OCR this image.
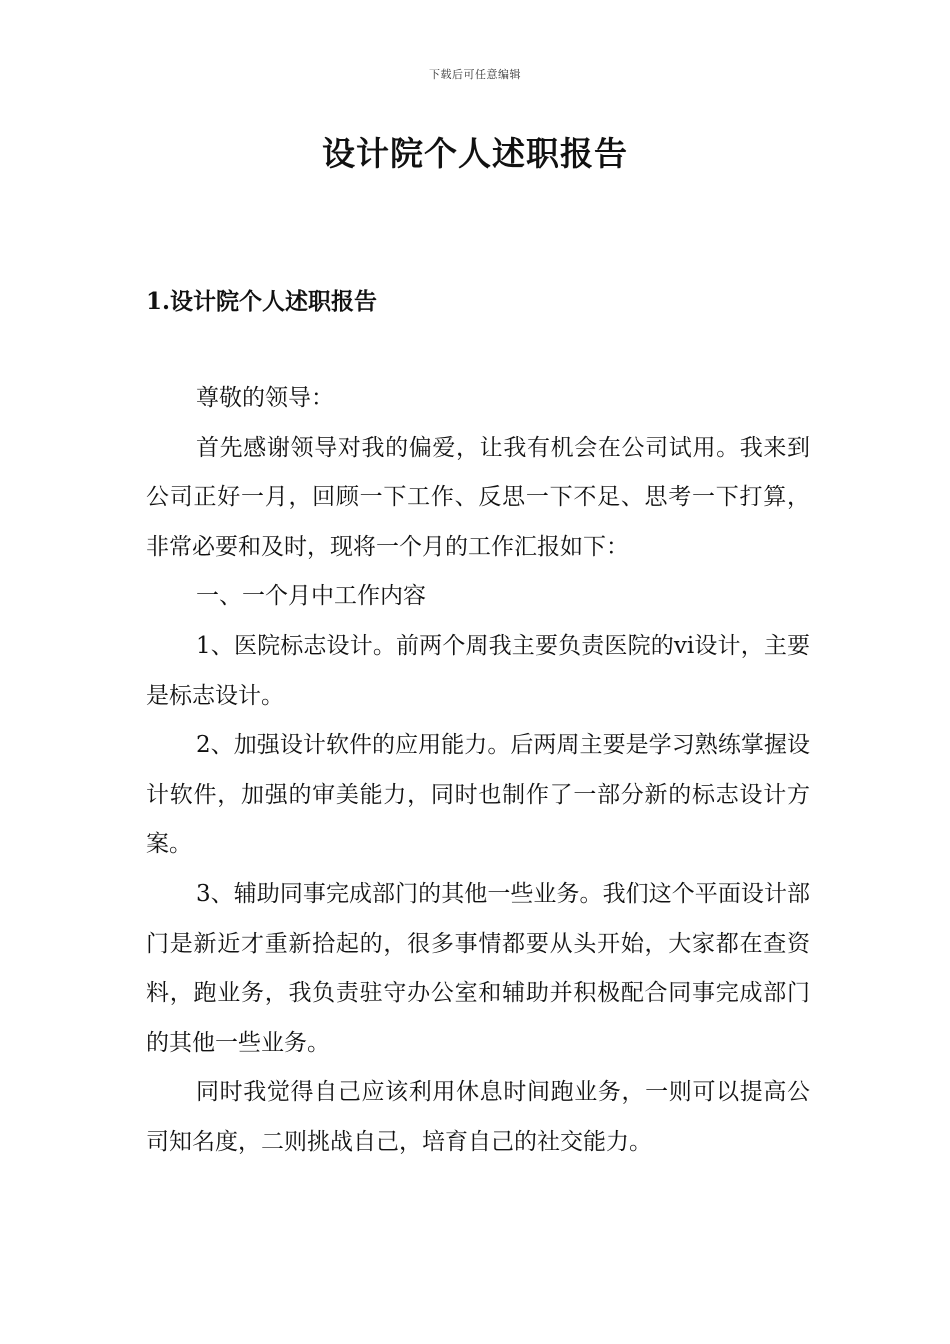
下载后可任意编辑
设计院个人述职报告
1.设计院个人述职报告

尊敬的领导：

首先感谢领导对我的偏爱，让我有机会在公司试用。我来到公司正好一月，回顾一下工作、反思一下不足、思考一下打算，非常必要和及时，现将一个月的工作汇报如下：

一、一个月中工作内容

1、医院标志设计。前两个周我主要负责医院的vi设计，主要是标志设计。

2、加强设计软件的应用能力。后两周主要是学习熟练掌握设计软件，加强的审美能力，同时也制作了一部分新的标志设计方案。

3、辅助同事完成部门的其他一些业务。我们这个平面设计部门是新近才重新拾起的，很多事情都要从头开始，大家都在查资料，跑业务，我负责驻守办公室和辅助并积极配合同事完成部门的其他一些业务。

同时我觉得自己应该利用休息时间跑业务，一则可以提高公司知名度，二则挑战自己，培育自己的社交能力。
